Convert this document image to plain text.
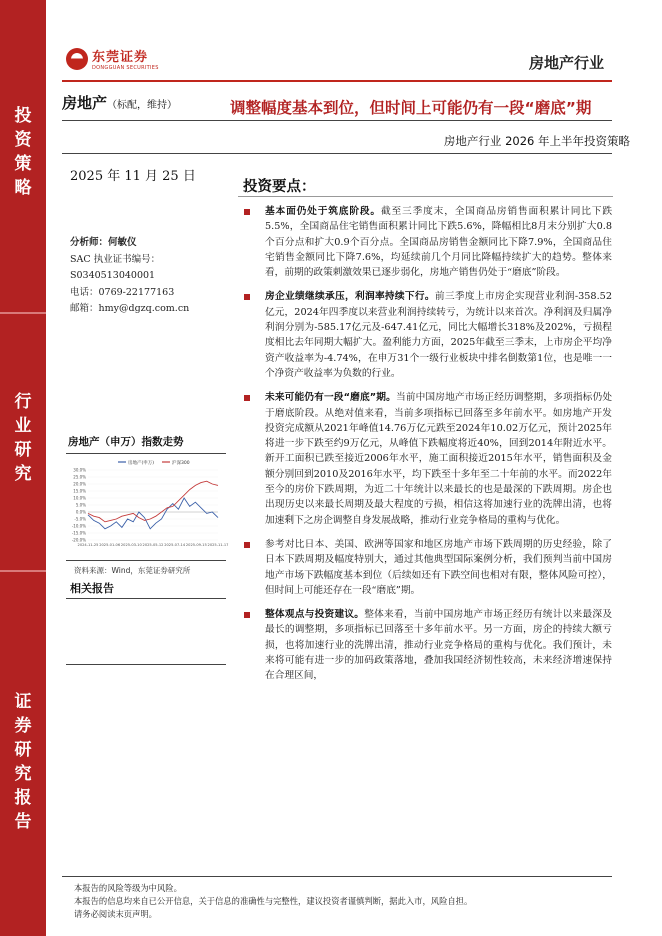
投
资
策
略
行
业
研
究
证
券
研
究
报
告
东莞证券
DONGGUAN SECURITIES	房地产行业
房地产（标配，维持）	调整幅度基本到位，但时间上可能仍有一段“磨底”期
房地产行业 2026 年上半年投资策略
2025 年 11 月 25 日
分析师：何敏仪
SAC 执业证书编号：
S0340513040001
电话：0769-22177163
邮箱：hmy@dgzq.com.cn
房地产（申万）指数走势
房地产(申万)	沪深300
30.0%
25.0%
20.0%
15.0%
10.0%
5.0%
0.0%
-5.0%
-10.0%
-15.0%
-20.0%
2024-11-25 2025-01-06 2025-03-10 2025-05-12 2025-07-14 2025-09-15 2025-11-17
资料来源：Wind，东莞证券研究所
相关报告
投资要点：
基本面仍处于筑底阶段。截至三季度末，全国商品房销售面积累计同比下跌5.5%，全国商品住宅销售面积累计同比下跌5.6%，降幅相比8月末分别扩大0.8个百分点和扩大0.9个百分点。全国商品房销售金额同比下降7.9%，全国商品住宅销售金额同比下降7.6%，均延续前几个月同比降幅持续扩大的趋势。整体来看，前期的政策刺激效果已逐步弱化，房地产销售仍处于“磨底”阶段。
房企业绩继续承压，利润率持续下行。前三季度上市房企实现营业利润-358.52亿元，2024年四季度以来营业利润持续转亏，为统计以来首次。净利润及归属净利润分别为-585.17亿元及-647.41亿元，同比大幅增长318%及202%，亏损程度相比去年同期大幅扩大。盈利能力方面，2025年截至三季末，上市房企平均净资产收益率为-4.74%，在申万31个一级行业板块中排名倒数第1位，也是唯一一个净资产收益率为负数的行业。
未来可能仍有一段“磨底”期。当前中国房地产市场正经历调整期，多项指标仍处于磨底阶段。从绝对值来看，当前多项指标已回落至多年前水平。如房地产开发投资完成额从2021年峰值14.76万亿元跌至2024年10.02万亿元，预计2025年将进一步下跌至约9万亿元，从峰值下跌幅度将近40%，回到2014年附近水平。新开工面积已跌至接近2006年水平，施工面积接近2015年水平，销售面积及金额分别回到2010及2016年水平，均下跌至十多年至二十年前的水平。而2022年至今的房价下跌周期，为近二十年统计以来最长的也是最深的下跌周期。房企也出现历史以来最长周期及最大程度的亏损，相信这将加速行业的洗牌出清，也将加速剩下之房企调整自身发展战略，推动行业竞争格局的重构与优化。
参考对比日本、美国、欧洲等国家和地区房地产市场下跌周期的历史经验，除了日本下跌周期及幅度特别大，通过其他典型国际案例分析，我们预判当前中国房地产市场下跌幅度基本到位（后续如还有下跌空间也相对有限，整体风险可控），但时间上可能还存在一段“磨底”期。
整体观点与投资建议。整体来看，当前中国房地产市场正经历有统计以来最深及最长的调整期，多项指标已回落至十多年前水平。另一方面，房企的持续大额亏损，也将加速行业的洗牌出清，推动行业竞争格局的重构与优化。我们预计，未来将可能有进一步的加码政策落地，叠加我国经济韧性较高，未来经济增速保持在合理区间，
本报告的风险等级为中风险。
本报告的信息均来自已公开信息，关于信息的准确性与完整性，建议投资者谨慎判断，据此入市，风险自担。
请务必阅读末页声明。
